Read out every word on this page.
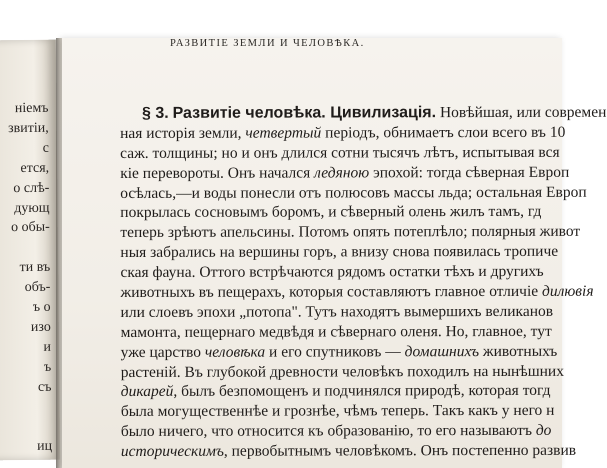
ніемъ
звитіи,
с
ется,
о слѣ-
дующ
о обы-
ти въ
объ-
ъ о
изо
и
ъ
съ
иц
РАЗВИТІЕ ЗЕМЛИ И ЧЕЛОВѢКА.
§ 3. Развитіе человѣка. Цивилизація. Новѣйшая, или современ
ная исторія земли, четвертый періодъ, обнимаетъ слои всего въ 10
саж. толщины; но и онъ длился сотни тысячъ лѣтъ, испытывая вся
кіе перевороты. Онъ начался ледяною эпохой: тогда сѣверная Европ
осѣлась,—и воды понесли отъ полюсовъ массы льда; остальная Европ
покрылась сосновымъ боромъ, и сѣверный олень жилъ тамъ, гд
теперь зрѣютъ апельсины. Потомъ опять потеплѣло; полярныя живот
ныя забрались на вершины горъ, а внизу снова появилась тропиче
ская фауна. Оттого встрѣчаются рядомъ остатки тѣхъ и другихъ
животныхъ въ пещерахъ, которыя составляютъ главное отличіе дилювія
или слоевъ эпохи „потопа". Тутъ находятъ вымершихъ великанов
мамонта, пещернаго медвѣдя и сѣвернаго оленя. Но, главное, тут
уже царство человѣка и его спутниковъ — домашнихъ животныхъ
растеній. Въ глубокой древности человѣкъ походилъ на нынѣшних
дикарей, былъ безпомощенъ и подчинялся природѣ, которая тогд
была могущественнѣе и грознѣе, чѣмъ теперь. Такъ какъ у него н
было ничего, что относится къ образованію, то его называютъ до
историческимъ, первобытнымъ человѣкомъ. Онъ постепенно развив
